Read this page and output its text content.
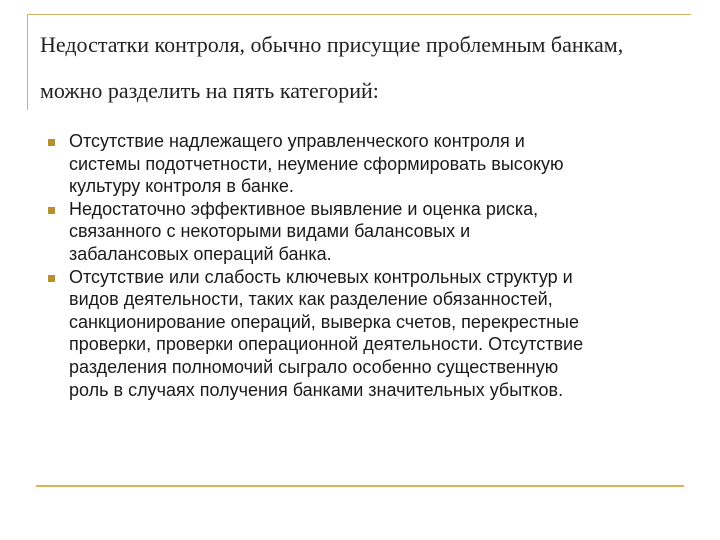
Недостатки контроля, обычно присущие проблемным банкам,
можно разделить на пять категорий:
Отсутствие надлежащего управленческого контроля и
системы подотчетности, неумение сформировать высокую
культуру контроля в банке.
Недостаточно эффективное выявление и оценка риска,
связанного с некоторыми видами балансовых и
забалансовых операций банка.
Отсутствие или слабость ключевых контрольных структур и
видов деятельности, таких как разделение обязанностей,
санкционирование операций, выверка счетов, перекрестные
проверки, проверки операционной деятельности. Отсутствие
разделения полномочий сыграло особенно существенную
роль в случаях получения банками значительных убытков.
